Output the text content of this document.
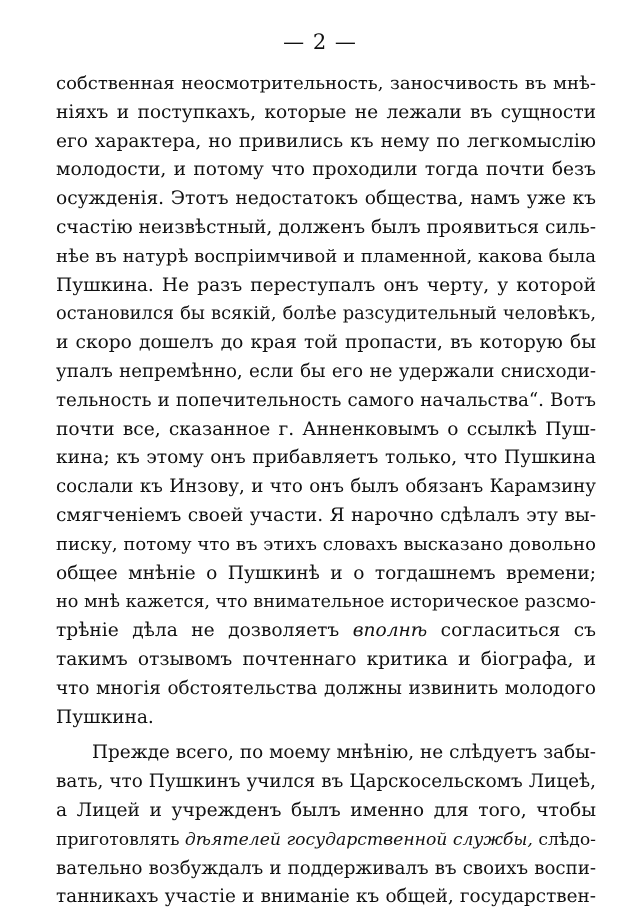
— 2 —
собственная неосмотрительность, заносчивость въ мнѣ-
ніяхъ и поступкахъ, которые не лежали въ сущности
его характера, но привились къ нему по легкомыслію
молодости, и потому что проходили тогда почти безъ
осужденія. Этотъ недостатокъ общества, намъ уже къ
счастію неизвѣстный, долженъ былъ проявиться силь-
нѣе въ натурѣ воспріимчивой и пламенной, какова была
Пушкина. Не разъ переступалъ онъ черту, у которой
остановился бы всякій, болѣе разсудительный человѣкъ,
и скоро дошелъ до края той пропасти, въ которую бы
упалъ непремѣнно, если бы его не удержали снисходи-
тельность и попечительность самого начальства“. Вотъ
почти все, сказанное г. Анненковымъ о ссылкѣ Пуш-
кина; къ этому онъ прибавляетъ только, что Пушкина
сослали къ Инзову, и что онъ былъ обязанъ Карамзину
смягченіемъ своей участи. Я нарочно сдѣлалъ эту вы-
писку, потому что въ этихъ словахъ высказано довольно
общее мнѣніе о Пушкинѣ и о тогдашнемъ времени;
но мнѣ кажется, что внимательное историческое разсмо-
трѣніе дѣла не дозволяетъ вполнѣ согласиться съ
такимъ отзывомъ почтеннаго критика и біографа, и
что многія обстоятельства должны извинить молодого
Пушкина.
Прежде всего, по моему мнѣнію, не слѣдуетъ забы-
вать, что Пушкинъ учился въ Царскосельскомъ Лицеѣ,
а Лицей и учрежденъ былъ именно для того, чтобы
приготовлять дѣятелей государственной службы, слѣдо-
вательно возбуждалъ и поддерживалъ въ своихъ воспи-
танникахъ участіе и вниманіе къ общей, государствен-
